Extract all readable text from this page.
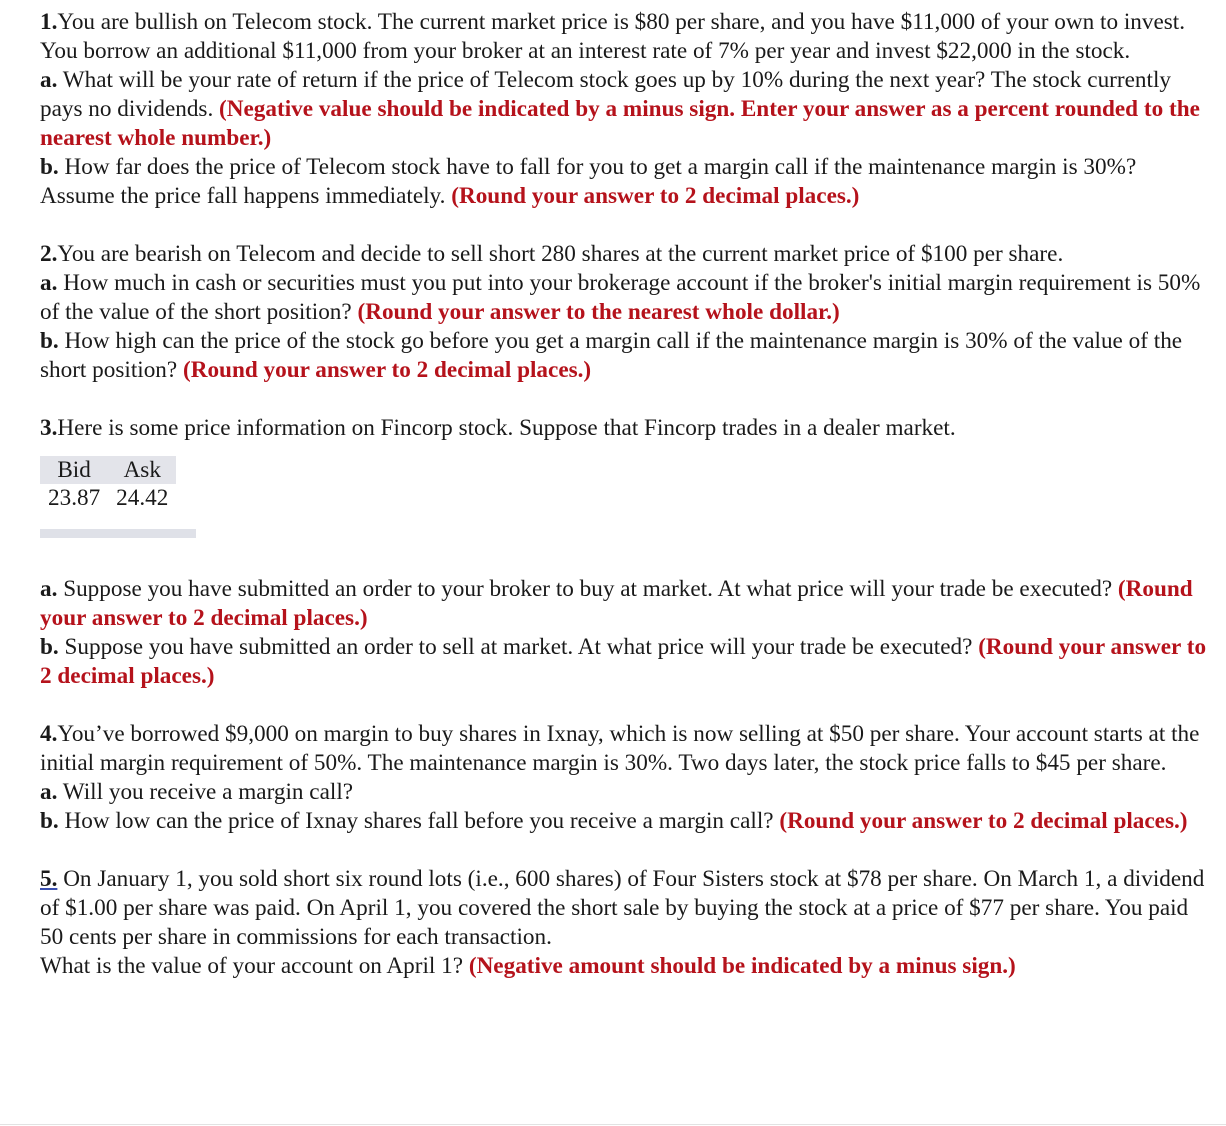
1.You are bullish on Telecom stock. The current market price is $80 per share, and you have $11,000 of your own to invest. You borrow an additional $11,000 from your broker at an interest rate of 7% per year and invest $22,000 in the stock.

a. What will be your rate of return if the price of Telecom stock goes up by 10% during the next year? The stock currently pays no dividends. (Negative value should be indicated by a minus sign. Enter your answer as a percent rounded to the nearest whole number.)

b. How far does the price of Telecom stock have to fall for you to get a margin call if the maintenance margin is 30%? Assume the price fall happens immediately. (Round your answer to 2 decimal places.)

2.You are bearish on Telecom and decide to sell short 280 shares at the current market price of $100 per share.

a. How much in cash or securities must you put into your brokerage account if the broker's initial margin requirement is 50% of the value of the short position? (Round your answer to the nearest whole dollar.)

b. How high can the price of the stock go before you get a margin call if the maintenance margin is 30% of the value of the short position? (Round your answer to 2 decimal places.)

3.Here is some price information on Fincorp stock. Suppose that Fincorp trades in a dealer market.

Bid	Ask
23.87	24.42

a. Suppose you have submitted an order to your broker to buy at market. At what price will your trade be executed? (Round your answer to 2 decimal places.)

b. Suppose you have submitted an order to sell at market. At what price will your trade be executed? (Round your answer to 2 decimal places.)

4.You’ve borrowed $9,000 on margin to buy shares in Ixnay, which is now selling at $50 per share. Your account starts at the initial margin requirement of 50%. The maintenance margin is 30%. Two days later, the stock price falls to $45 per share.

a. Will you receive a margin call?

b. How low can the price of Ixnay shares fall before you receive a margin call? (Round your answer to 2 decimal places.)

5. On January 1, you sold short six round lots (i.e., 600 shares) of Four Sisters stock at $78 per share. On March 1, a dividend of $1.00 per share was paid. On April 1, you covered the short sale by buying the stock at a price of $77 per share. You paid 50 cents per share in commissions for each transaction.

What is the value of your account on April 1? (Negative amount should be indicated by a minus sign.)
